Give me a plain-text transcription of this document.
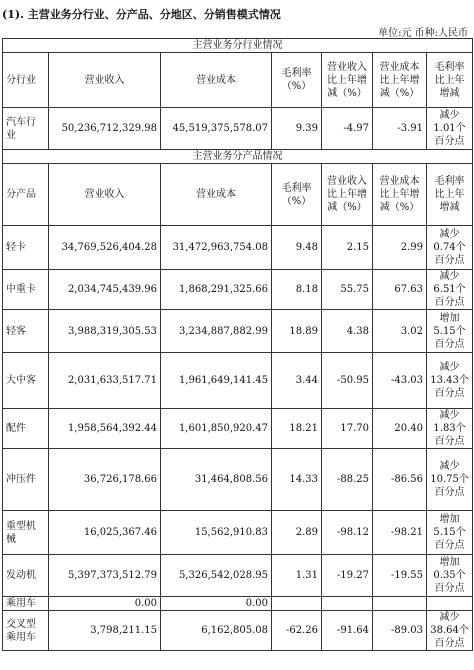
(1). 主营业务分行业、分产品、分地区、分销售模式情况
单位:元 币种:人民币
主营业务分行业情况						
分行业	营业收入	营业成本	毛利率（%）	营业收入比上年增减（%）	营业成本比上年增减（%）	毛利率比上年增减
汽车行业	50,236,712,329.98	45,519,375,578.07	9.39	-4.97	-3.91	减少1.01个百分点
主营业务分产品情况						
分产品	营业收入	营业成本	毛利率（%）	营业收入比上年增减（%）	营业成本比上年增减（%）	毛利率比上年增减
轻卡	34,769,526,404.28	31,472,963,754.08	9.48	2.15	2.99	减少0.74个百分点
中重卡	2,034,745,439.96	1,868,291,325.66	8.18	55.75	67.63	减少6.51个百分点
轻客	3,988,319,305.53	3,234,887,882.99	18.89	4.38	3.02	增加5.15个百分点
大中客	2,031,633,517.71	1,961,649,141.45	3.44	-50.95	-43.03	减少13.43个百分点
配件	1,958,564,392.44	1,601,850,920.47	18.21	17.70	20.40	减少1.83个百分点
冲压件	36,726,178.66	31,464,808.56	14.33	-88.25	-86.56	减少10.75个百分点
重型机械	16,025,367.46	15,562,910.83	2.89	-98.12	-98.21	增加5.15个百分点
发动机	5,397,373,512.79	5,326,542,028.95	1.31	-19.27	-19.55	增加0.35个百分点
乘用车	0.00	0.00				
交叉型乘用车	3,798,211.15	6,162,805.08	-62.26	-91.64	-89.03	减少38.64个百分点
